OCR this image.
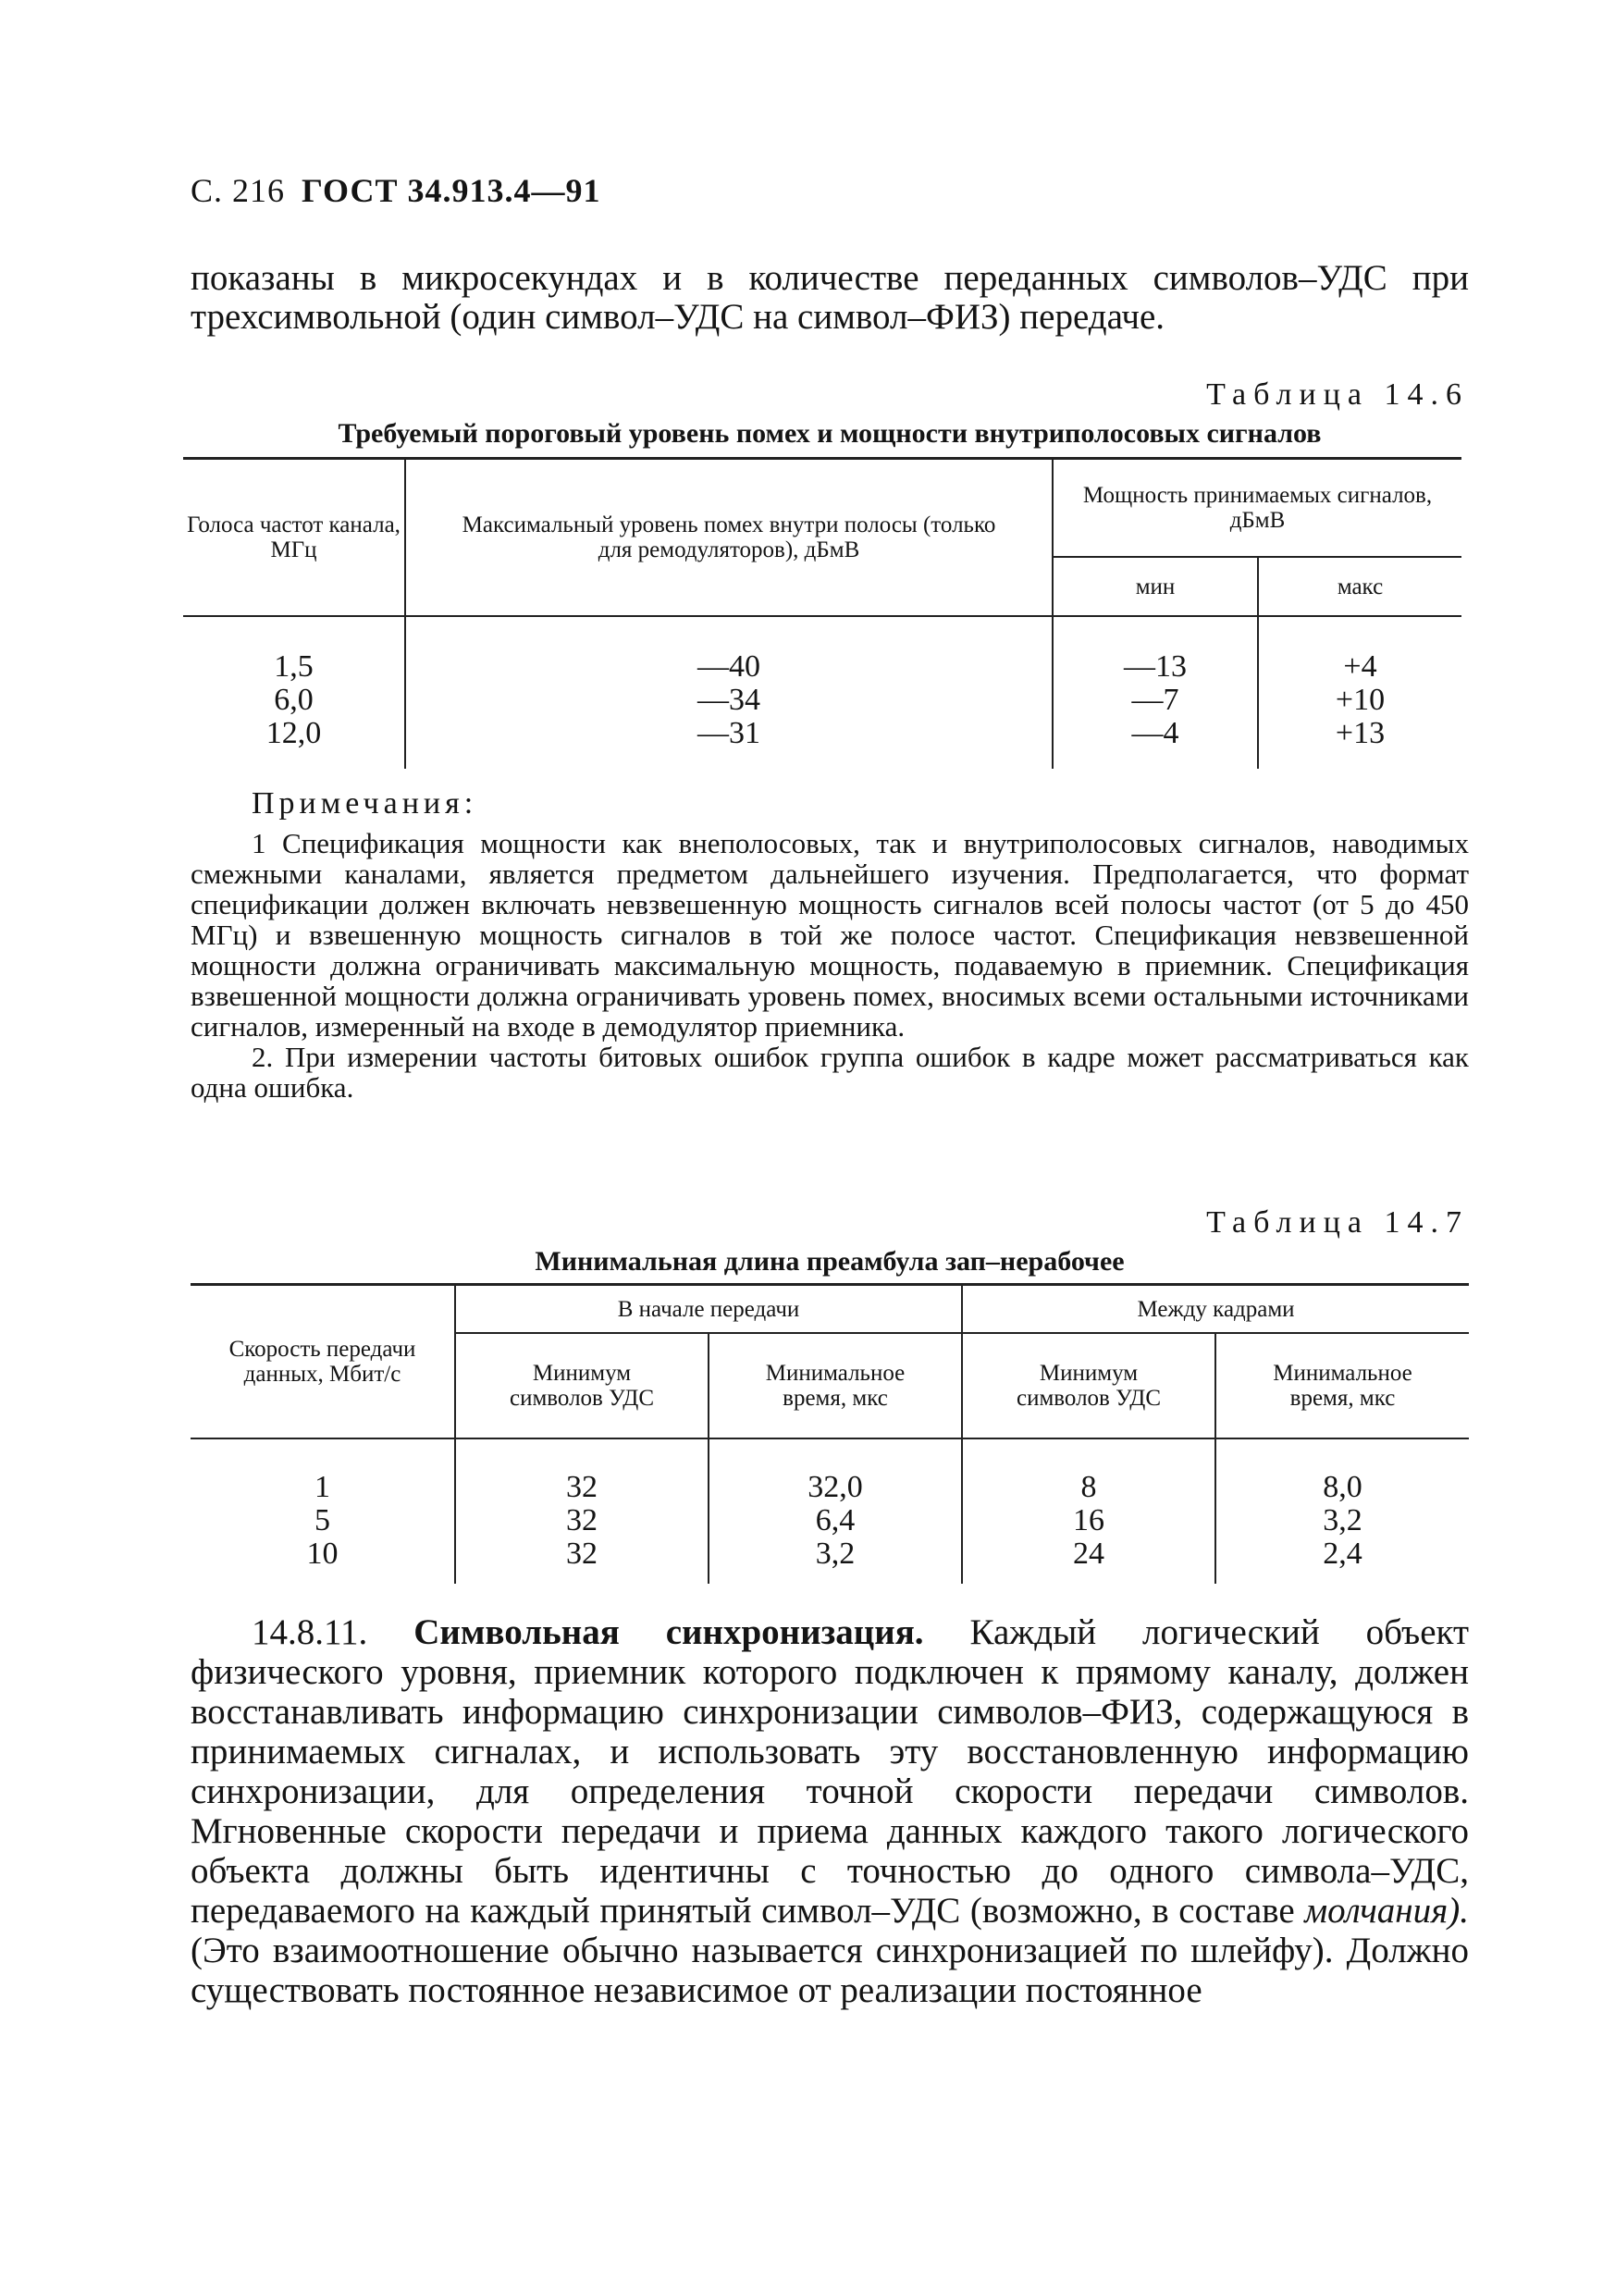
С. 216 ГОСТ 34.913.4—91
показаны в микросекундах и в количестве переданных символов–УДС при трехсимвольной (один символ–УДС на символ–ФИЗ) передаче.
Таблица 14.6
Требуемый пороговый уровень помех и мощности внутриполосовых сигналов
Голоса частот канала, МГц	Максимальный уровень помех внутри полосы (только для ремодуляторов), дБмВ	Мощность принимаемых сигналов, дБмВ	
		мин	макс
1,5	—40	—13	+4
6,0	—34	—7	+10
12,0	—31	—4	+13
Примечания:

1 Спецификация мощности как внеполосовых, так и внутриполосовых сигналов, наводимых смежными каналами, является предметом дальнейшего изучения. Предполагается, что формат спецификации должен включать невзвешенную мощность сигналов всей полосы частот (от 5 до 450 МГц) и взвешенную мощность сигналов в той же полосе частот. Спецификация невзвешенной мощности должна ограничивать максимальную мощность, подаваемую в приемник. Спецификация взвешенной мощности должна ограничивать уровень помех, вносимых всеми остальными источниками сигналов, измеренный на входе в демодулятор приемника.

2. При измерении частоты битовых ошибок группа ошибок в кадре может рассматриваться как одна ошибка.

Таблица 14.7
Минимальная длина преамбула зап–нерабочее
Скорость передачи данных, Мбит/с	В начале передачи		Между кадрами	
	Минимум символов УДС	Минимальное время, мкс	Минимум символов УДС	Минимальное время, мкс
1	32	32,0	8	8,0
5	32	6,4	16	3,2
10	32	3,2	24	2,4

14.8.11. Символьная синхронизация. Каждый логический объект физического уровня, приемник которого подключен к прямому каналу, должен восстанавливать информацию синхронизации символов–ФИЗ, содержащуюся в принимаемых сигналах, и использовать эту восстановленную информацию синхронизации, для определения точной скорости передачи символов. Мгновенные скорости передачи и приема данных каждого такого логического объекта должны быть идентичны с точностью до одного символа–УДС, передаваемого на каждый принятый символ–УДС (возможно, в составе молчания). (Это взаимоотношение обычно называется синхронизацией по шлейфу). Должно существовать постоянное независимое от реализации постоянное
